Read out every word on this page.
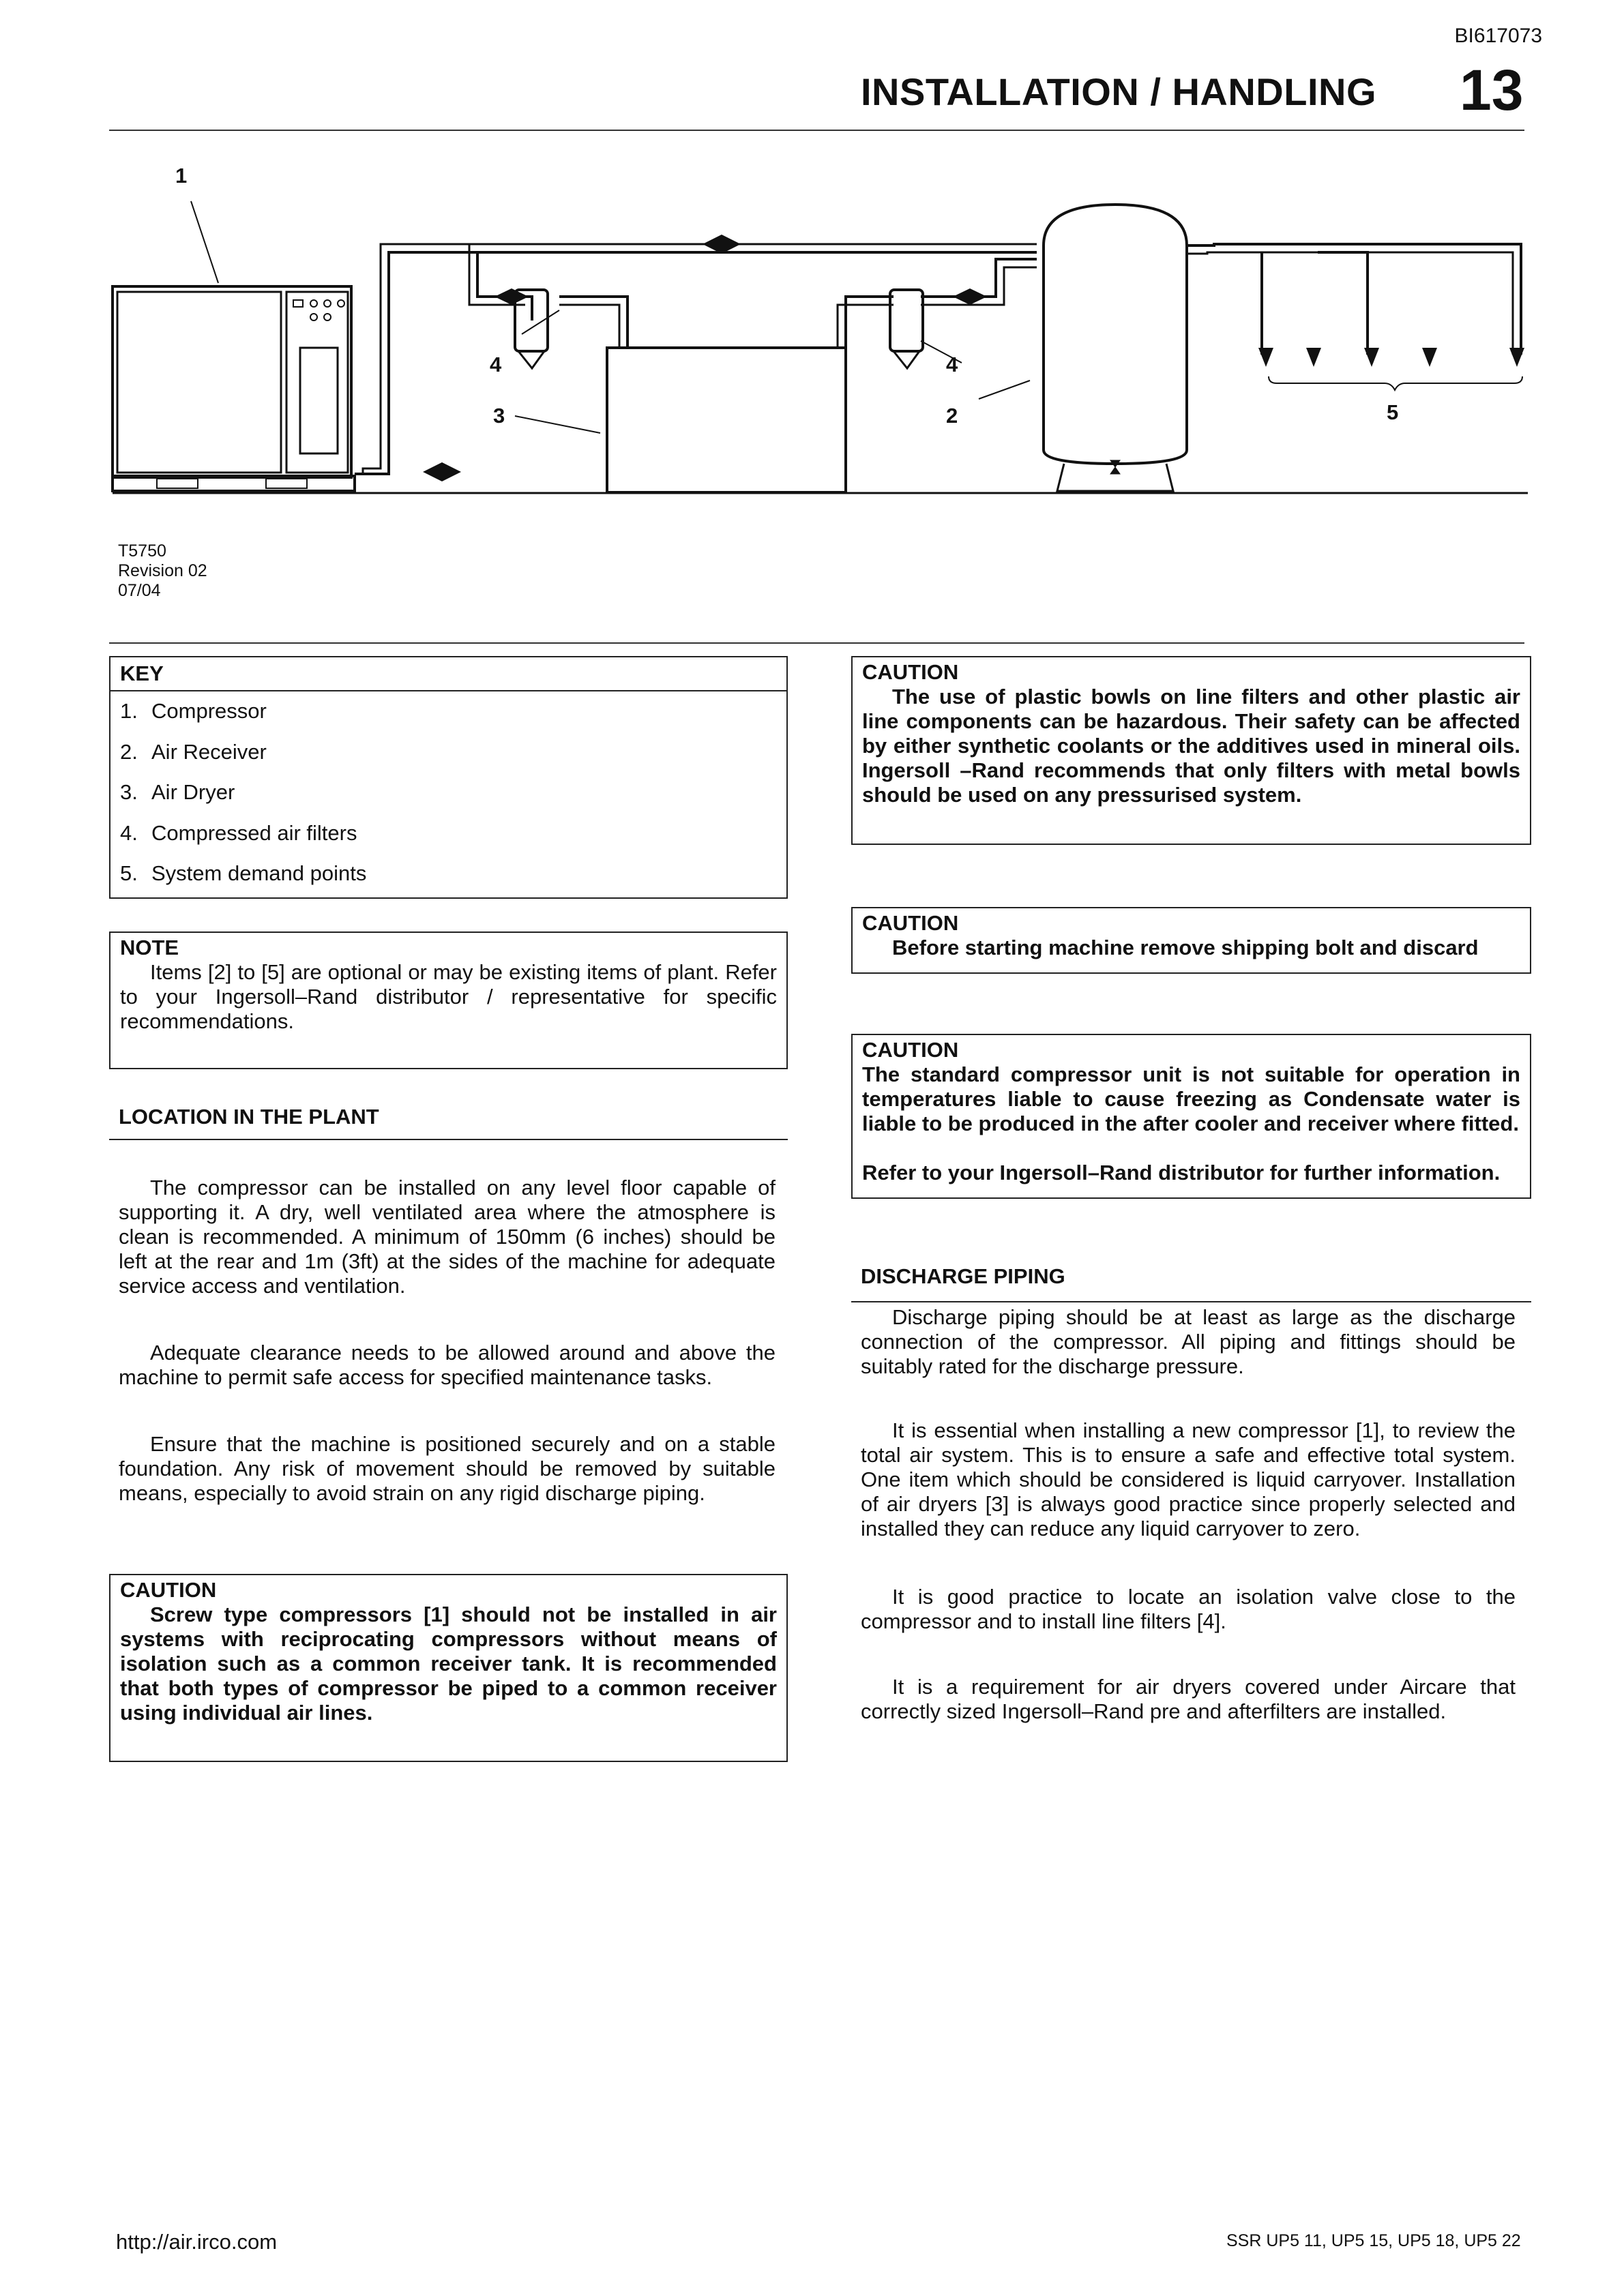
BI617073
INSTALLATION / HANDLING 13
1
4
3
4
2	5
T5750
Revision 02
07/04
KEY
1. Compressor
2. Air Receiver
3. Air Dryer
4. Compressed air filters
5. System demand points
NOTE
Items [2] to [5] are optional or may be existing items of plant. Refer to your Ingersoll–Rand distributor / representative for specific recommendations.
LOCATION IN THE PLANT
The compressor can be installed on any level floor capable of supporting it. A dry, well ventilated area where the atmosphere is clean is recommended. A minimum of 150mm (6 inches) should be left at the rear and 1m (3ft) at the sides of the machine for adequate service access and ventilation.
Adequate clearance needs to be allowed around and above the machine to permit safe access for specified maintenance tasks.
Ensure that the machine is positioned securely and on a stable foundation. Any risk of movement should be removed by suitable means, especially to avoid strain on any rigid discharge piping.
CAUTION
Screw type compressors [1] should not be installed in air systems with reciprocating compressors without means of isolation such as a common receiver tank. It is recommended that both types of compressor be piped to a common receiver using individual air lines.
CAUTION
The use of plastic bowls on line filters and other plastic air line components can be hazardous. Their safety can be affected by either synthetic coolants or the additives used in mineral oils. Ingersoll –Rand recommends that only filters with metal bowls should be used on any pressurised system.
CAUTION
Before starting machine remove shipping bolt and discard
CAUTION
The standard compressor unit is not suitable for operation in temperatures liable to cause freezing as Condensate water is liable to be produced in the after cooler and receiver where fitted.
Refer to your Ingersoll–Rand distributor for further information.
DISCHARGE PIPING
Discharge piping should be at least as large as the discharge connection of the compressor. All piping and fittings should be suitably rated for the discharge pressure.
It is essential when installing a new compressor [1], to review the total air system. This is to ensure a safe and effective total system. One item which should be considered is liquid carryover. Installation of air dryers [3] is always good practice since properly selected and installed they can reduce any liquid carryover to zero.
It is good practice to locate an isolation valve close to the compressor and to install line filters [4].
It is a requirement for air dryers covered under Aircare that correctly sized Ingersoll–Rand pre and afterfilters are installed.
http://air.irco.com	SSR UP5 11, UP5 15, UP5 18, UP5 22
